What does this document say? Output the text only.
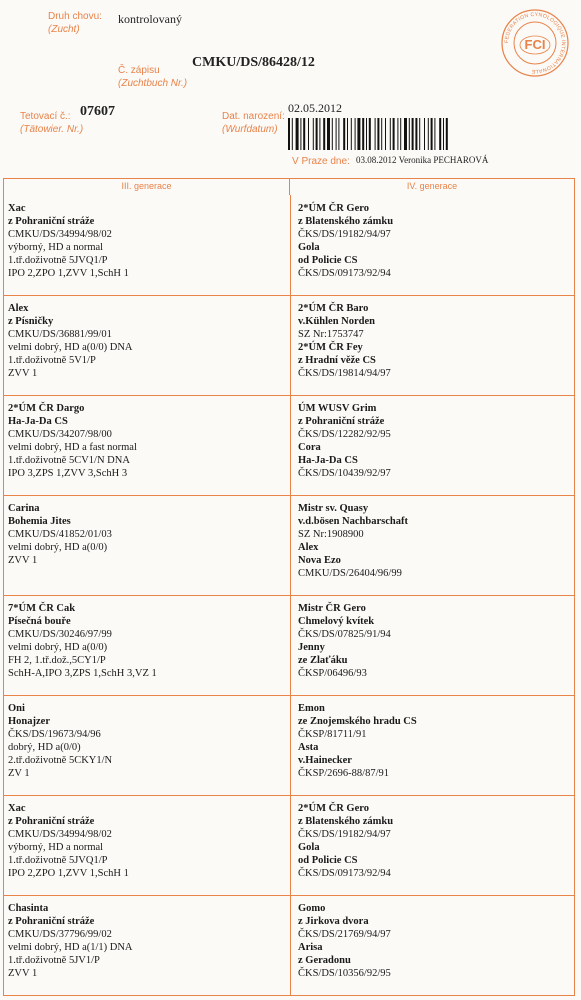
Druh chovu:
(Zucht)
kontrolovaný
Č. zápisu
(Zuchtbuch Nr.)
CMKU/DS/86428/12
Tetovací č.:
(Tätowier. Nr.)
07607	Dat. narození:
(Wurfdatum)
02.05.2012
V Praze dne: 03.08.2012 Veronika PECHAROVÁ
FEDERATION CYNOLOGIQUE INTERNATIONALE
FCI
III. generace	IV. generace
Xac
z Pohraniční stráže
CMKU/DS/34994/98/02
výborný, HD a normal
1.tř.doživotně 5JVQ1/P
IPO 2,ZPO 1,ZVV 1,SchH 1
2*ÚM ČR Gero
z Blatenského zámku
ČKS/DS/19182/94/97
Gola
od Policie CS
ČKS/DS/09173/92/94
Alex
z Písničky
CMKU/DS/36881/99/01
velmi dobrý, HD a(0/0) DNA
1.tř.doživotně 5V1/P
ZVV 1
2*ÚM ČR Baro
v.Kühlen Norden
SZ Nr:1753747
2*ÚM ČR Fey
z Hradní věže CS
ČKS/DS/19814/94/97
2*ÚM ČR Dargo
Ha-Ja-Da CS
CMKU/DS/34207/98/00
velmi dobrý, HD a fast normal
1.tř.doživotně 5CV1/N DNA
IPO 3,ZPS 1,ZVV 3,SchH 3
ÚM WUSV Grim
z Pohraniční stráže
ČKS/DS/12282/92/95
Cora
Ha-Ja-Da CS
ČKS/DS/10439/92/97
Carina
Bohemia Jites
CMKU/DS/41852/01/03
velmi dobrý, HD a(0/0)
ZVV 1
Mistr sv. Quasy
v.d.bösen Nachbarschaft
SZ Nr:1908900
Alex
Nova Ezo
CMKU/DS/26404/96/99
7*ÚM ČR Cak
Písečná bouře
CMKU/DS/30246/97/99
velmi dobrý, HD a(0/0)
FH 2, 1.tř.dož.,5CY1/P
SchH-A,IPO 3,ZPS 1,SchH 3,VZ 1
Mistr ČR Gero
Chmelový kvítek
ČKS/DS/07825/91/94
Jenny
ze Zlaťáku
ČKSP/06496/93
Oni
Honajzer
ČKS/DS/19673/94/96
dobrý, HD a(0/0)
2.tř.doživotně 5CKY1/N
ZV 1
Emon
ze Znojemského hradu CS
ČKSP/81711/91
Asta
v.Hainecker
ČKSP/2696-88/87/91
Xac
z Pohraniční stráže
CMKU/DS/34994/98/02
výborný, HD a normal
1.tř.doživotně 5JVQ1/P
IPO 2,ZPO 1,ZVV 1,SchH 1
2*ÚM ČR Gero
z Blatenského zámku
ČKS/DS/19182/94/97
Gola
od Policie CS
ČKS/DS/09173/92/94
Chasinta
z Pohraniční stráže
CMKU/DS/37796/99/02
velmi dobrý, HD a(1/1) DNA
1.tř.doživotně 5JV1/P
ZVV 1
Gomo
z Jirkova dvora
ČKS/DS/21769/94/97
Arisa
z Geradonu
ČKS/DS/10356/92/95
